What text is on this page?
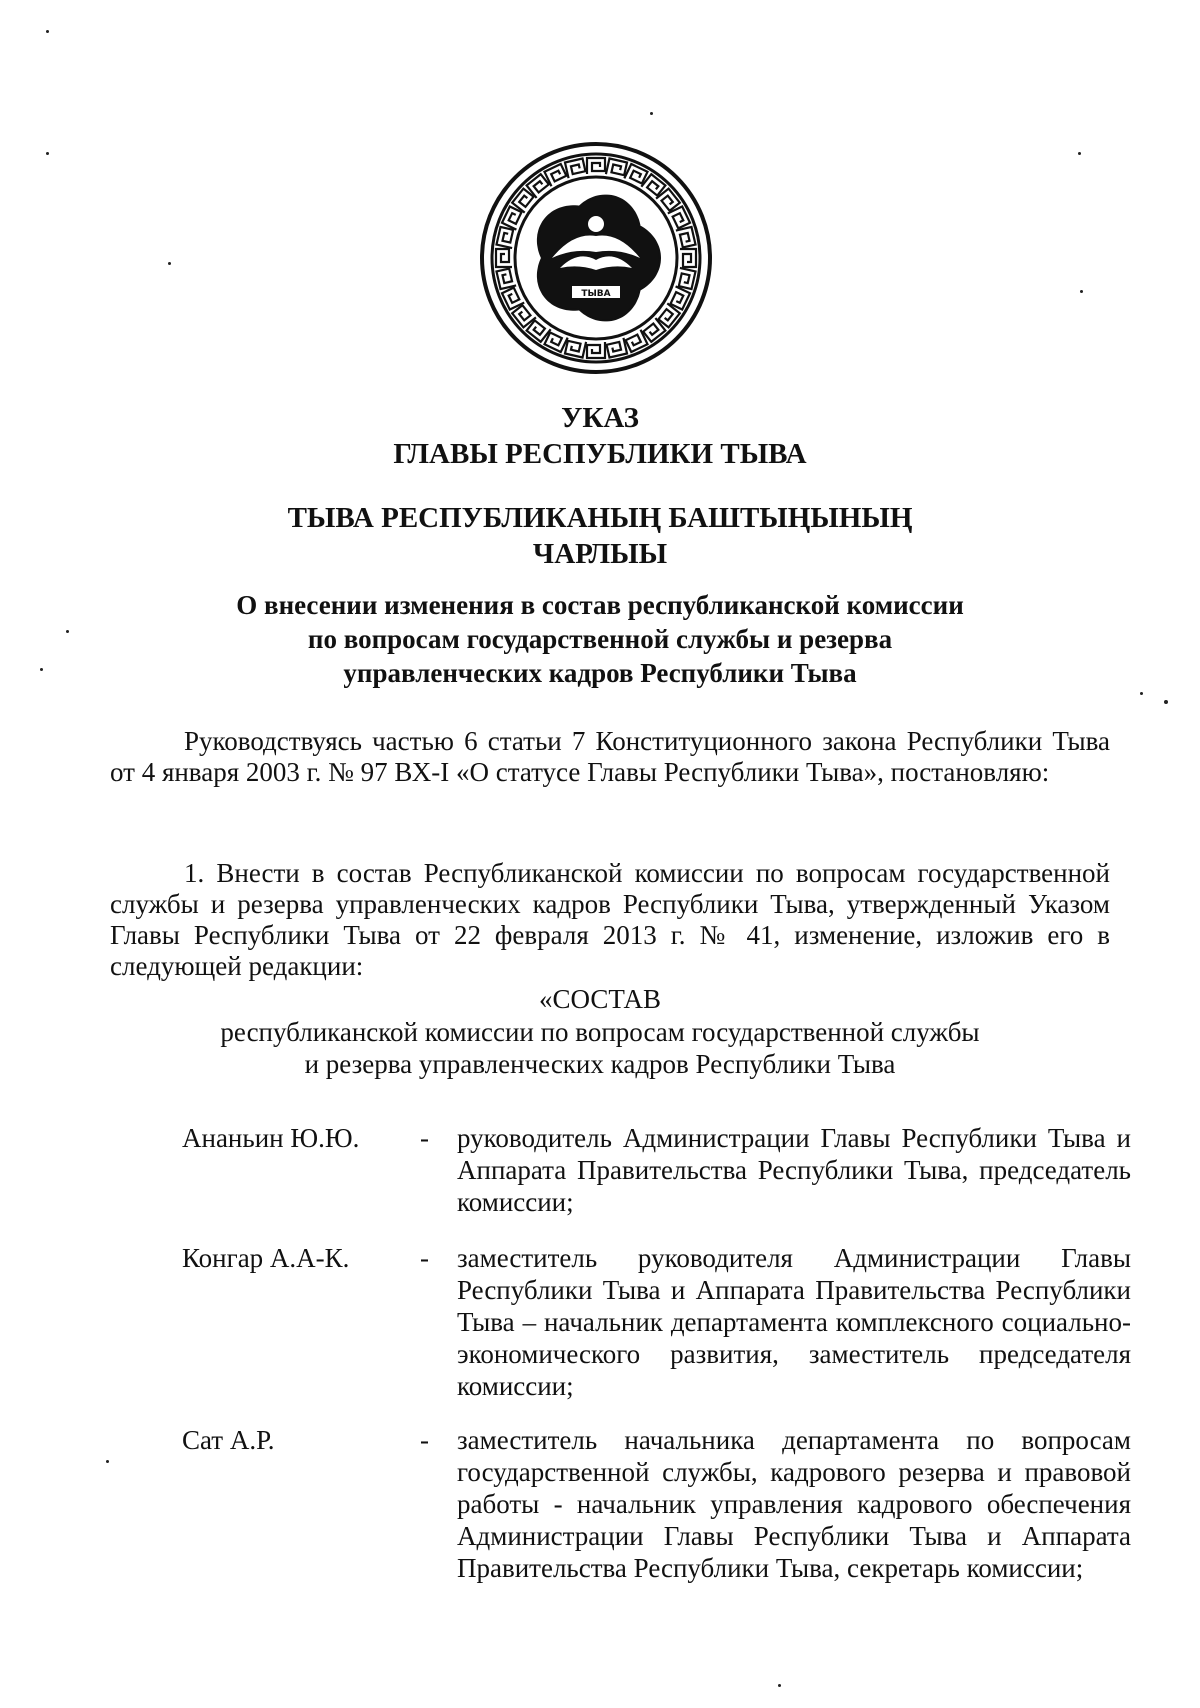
ТЫВА
УКАЗ
ГЛАВЫ РЕСПУБЛИКИ ТЫВА
ТЫВА РЕСПУБЛИКАНЫҢ БАШТЫҢЫНЫҢ
ЧАРЛЫЫ
О внесении изменения в состав республиканской комиссии
по вопросам государственной службы и резерва
управленческих кадров Республики Тыва
Руководствуясь частью 6 статьи 7 Конституционного закона Республики Тыва от 4 января 2003 г. № 97 ВХ-I «О статусе Главы Республики Тыва», постановляю:
1. Внести в состав Республиканской комиссии по вопросам государственной службы и резерва управленческих кадров Республики Тыва, утвержденный Указом Главы Республики Тыва от 22 февраля 2013 г. № 41, изменение, изложив его в следующей редакции:
«СОСТАВ
республиканской комиссии по вопросам государственной службы
и резерва управленческих кадров Республики Тыва
Ананьин Ю.Ю. - руководитель Администрации Главы Республики Тыва и Аппарата Правительства Республики Тыва, председатель комиссии;
Конгар А.А-К.	- заместитель руководителя Администрации Главы Республики Тыва и Аппарата Правительства Республики Тыва – начальник департамента комплексного социально-экономического развития, заместитель председателя комиссии;
Сат А.Р.	- заместитель начальника департамента по вопросам государственной службы, кадрового резерва и правовой работы - начальник управления кадрового обеспечения Администрации Главы Республики Тыва и Аппарата Правительства Республики Тыва, секретарь комиссии;
